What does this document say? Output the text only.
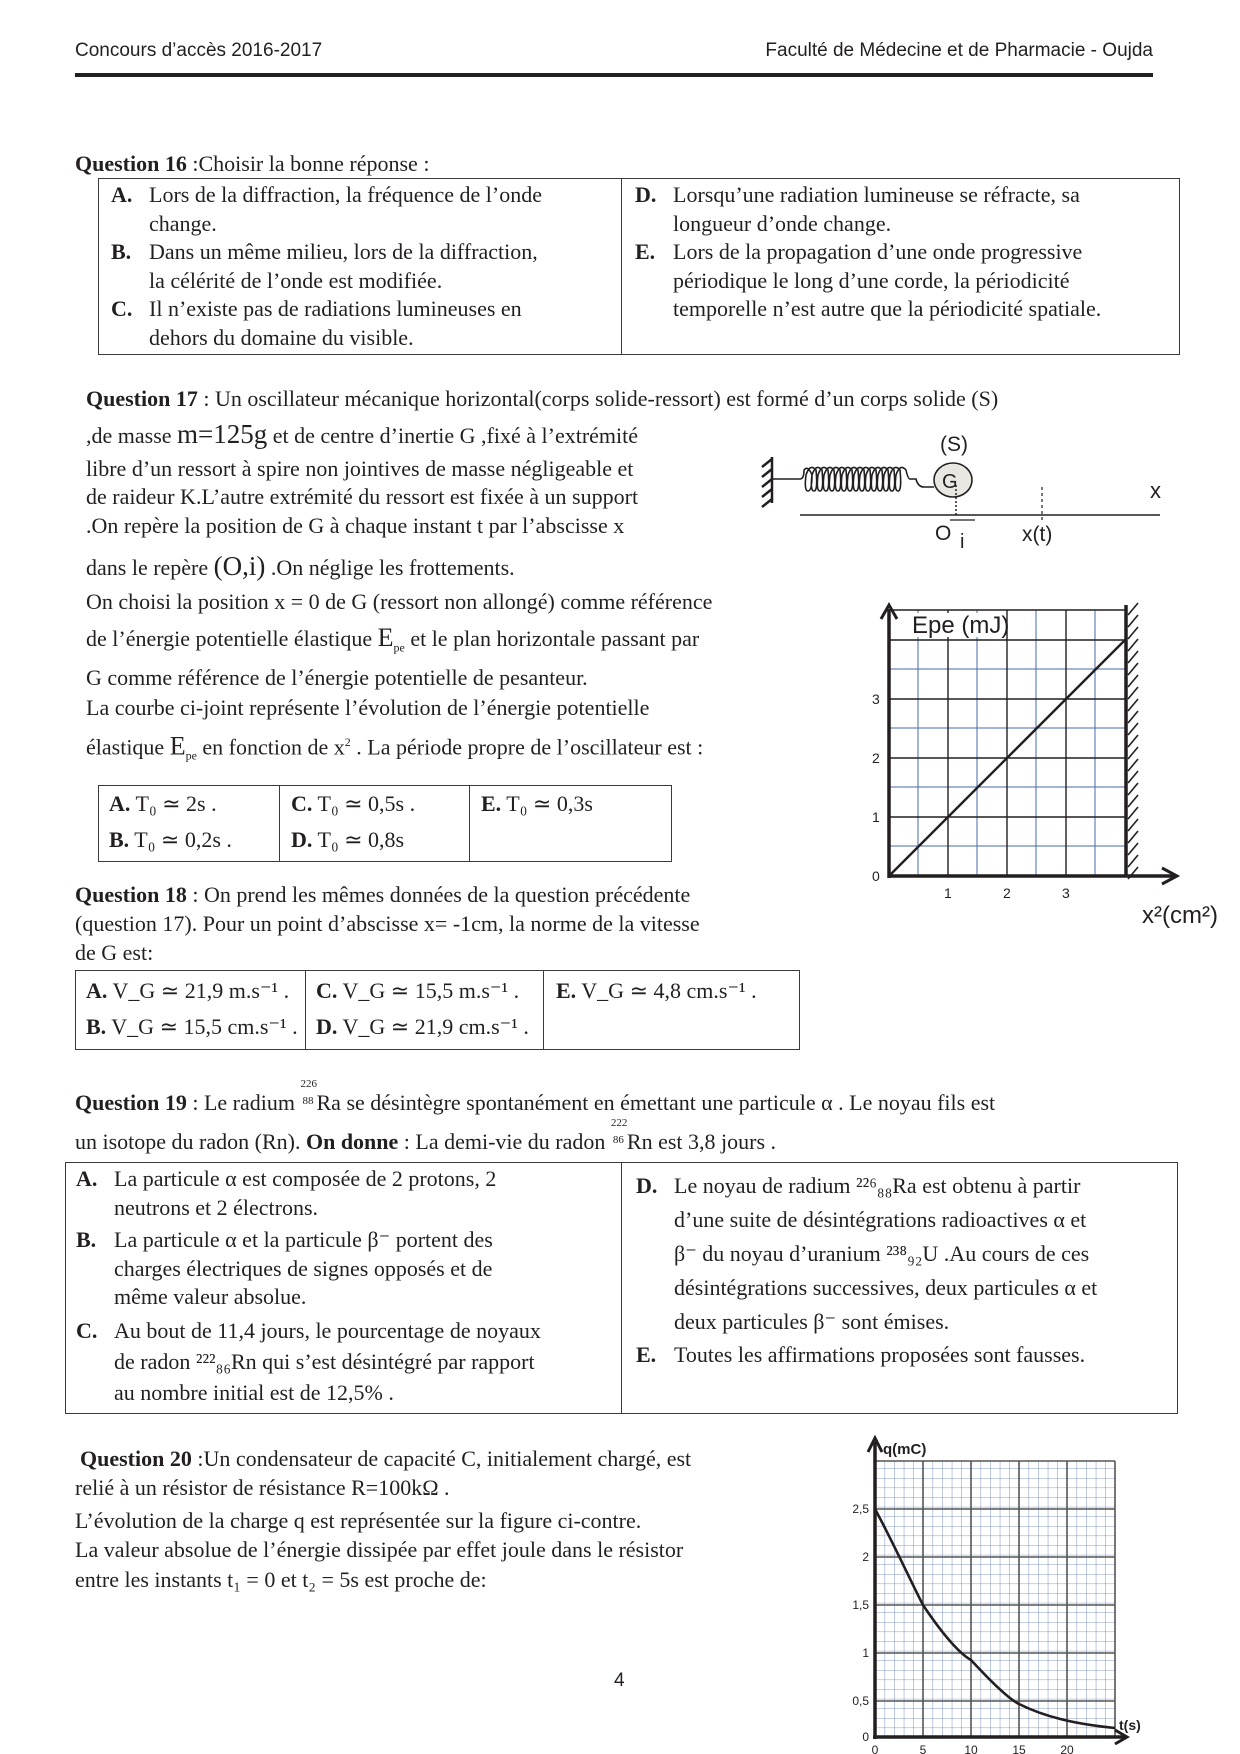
Concours d’accès 2016-2017	Faculté de Médecine et de Pharmacie - Oujda
Question 16 :Choisir la bonne réponse :
A. Lors de la diffraction, la fréquence de l’onde
change.
B. Dans un même milieu, lors de la diffraction,
la célérité de l’onde est modifiée.
C. Il n’existe pas de radiations lumineuses en
dehors du domaine du visible.
D. Lorsqu’une radiation lumineuse se réfracte, sa
longueur d’onde change.
E. Lors de la propagation d’une onde progressive
périodique le long d’une corde, la périodicité
temporelle n’est autre que la périodicité spatiale.
Question 17 : Un oscillateur mécanique horizontal(corps solide-ressort) est formé d’un corps solide (S)
,de masse m=125g et de centre d’inertie G ,fixé à l’extrémité
libre d’un ressort à spire non jointives de masse négligeable et
de raideur K.L’autre extrémité du ressort est fixée à un support
.On repère la position de G à chaque instant t par l’abscisse x
dans le repère (O,i) .On néglige les frottements.
On choisi la position x = 0 de G (ressort non allongé) comme référence
de l’énergie potentielle élastique $E_{pe}$ et le plan horizontale passant par
G comme référence de l’énergie potentielle de pesanteur.
La courbe ci-joint représente l’évolution de l’énergie potentielle
élastique $E_{pe}$ en fonction de $x^2$ . La période propre de l’oscillateur est :
G
(S)
x
O i	x(t)
Epe (mJ)
0
1
2
3
1	2	3
x²(cm²)
A. T₀ ≃ 2s .
B. T₀ ≃ 0,2s .
C. T₀ ≃ 0,5s .
D. T₀ ≃ 0,8s
E. T₀ ≃ 0,3s
Question 18 : On prend les mêmes données de la question précédente
(question 17). Pour un point d’abscisse x= -1cm, la norme de la vitesse
de G est:
A. V_G ≃ 21,9 m.s⁻¹ .
B. V_G ≃ 15,5 cm.s⁻¹ .
C. V_G ≃ 15,5 m.s⁻¹ .
D. V_G ≃ 21,9 cm.s⁻¹ .
E. V_G ≃ 4,8 cm.s⁻¹ .
Question 19 : Le radium
226
88 Ra se désintègre spontanément en émettant une particule α . Le noyau fils est
un isotope du radon (Rn). On donne : La demi-vie du radon
222
86 Rn est 3,8 jours .
A. La particule α est composée de 2 protons, 2
neutrons et 2 électrons.
B. La particule α et la particule β⁻ portent des
charges électriques de signes opposés et de
même valeur absolue.
C. Au bout de 11,4 jours, le pourcentage de noyaux
de radon ²²²₈₆Rn qui s’est désintégré par rapport
au nombre initial est de 12,5% .
D. Le noyau de radium ²²⁶₈₈Ra est obtenu à partir
d’une suite de désintégrations radioactives α et
β⁻ du noyau d’uranium ²³⁸₉₂U .Au cours de ces
désintégrations successives, deux particules α et
deux particules β⁻ sont émises.
E. Toutes les affirmations proposées sont fausses.
Question 20 :Un condensateur de capacité C, initialement chargé, est
relié à un résistor de résistance R=100kΩ .
L’évolution de la charge q est représentée sur la figure ci-contre.
La valeur absolue de l’énergie dissipée par effet joule dans le résistor
entre les instants t₁ = 0 et t₂ = 5s est proche de:
q(mC)
t(s)
0
0,5
1
1,5
2
2,5
0	5	10	15	20
4
